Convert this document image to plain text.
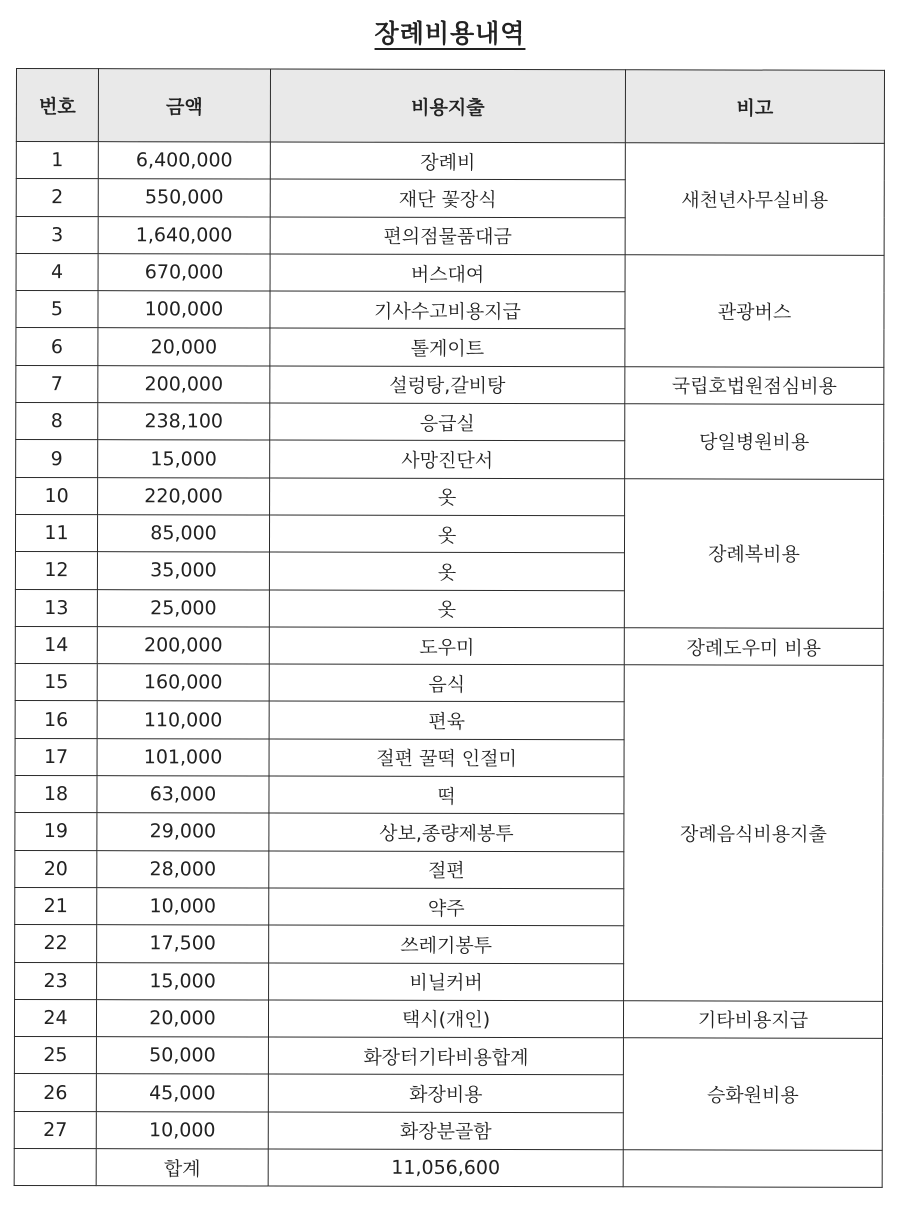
장례비용내역
번호	금액	비용지출	비고
1	6,400,000	장례비	새천년사무실비용
2	550,000	재단 꽃장식	
3	1,640,000	편의점물품대금	
4	670,000	버스대여	관광버스
5	100,000	기사수고비용지급	
6	20,000	톨게이트	
7	200,000	설렁탕,갈비탕	국립호법원점심비용
8	238,100	응급실	당일병원비용
9	15,000	사망진단서	
10	220,000	옷	장례복비용
11	85,000	옷	
12	35,000	옷	
13	25,000	옷	
14	200,000	도우미	장례도우미 비용
15	160,000	음식	장례음식비용지출
16	110,000	편육	
17	101,000	절편 꿀떡 인절미	
18	63,000	떡	
19	29,000	상보,종량제봉투	
20	28,000	절편	
21	10,000	약주	
22	17,500	쓰레기봉투	
23	15,000	비닐커버	
24	20,000	택시(개인)	기타비용지급
25	50,000	화장터기타비용합계	승화원비용
26	45,000	화장비용	
27	10,000	화장분골함	
	합계	11,056,600	
